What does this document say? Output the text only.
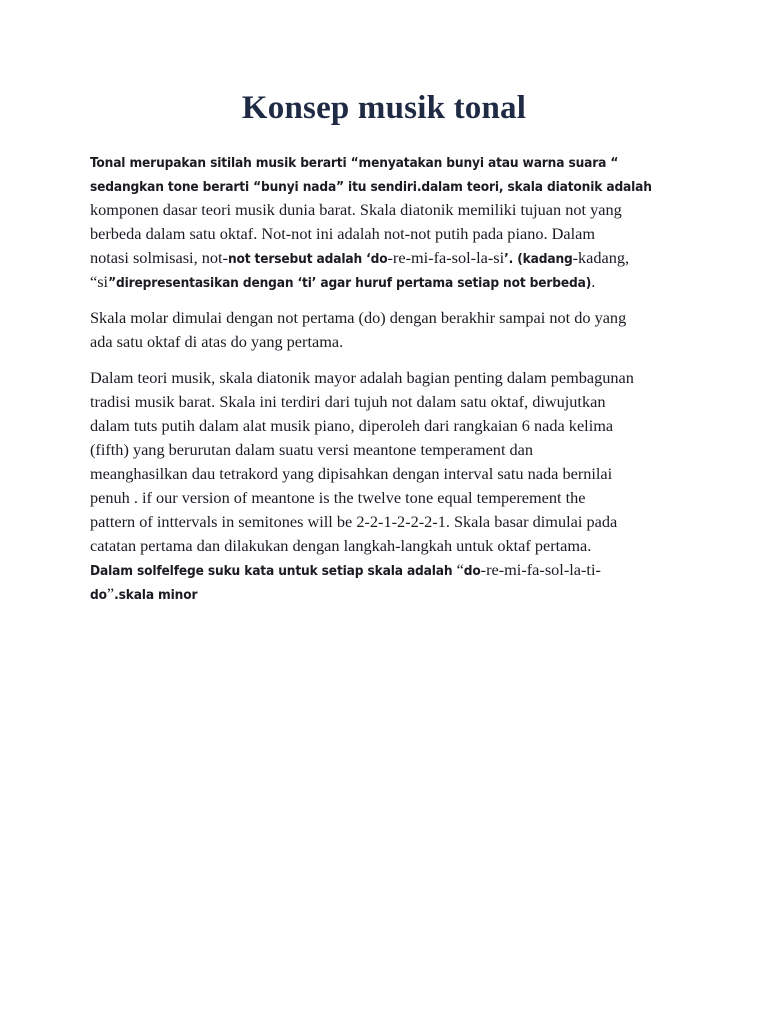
Konsep musik tonal
Tonal merupakan sitilah musik berarti “menyatakan bunyi atau warna suara “
sedangkan tone berarti “bunyi nada” itu sendiri.dalam teori, skala diatonik adalah
komponen dasar teori musik dunia barat. Skala diatonik memiliki tujuan not yang
berbeda dalam satu oktaf. Not-not ini adalah not-not putih pada piano. Dalam
notasi solmisasi, not-not tersebut adalah ‘do-re-mi-fa-sol-la-si’. (kadang-kadang,
“si”direpresentasikan dengan ‘ti’ agar huruf pertama setiap not berbeda).
Skala molar dimulai dengan not pertama (do) dengan berakhir sampai not do yang
ada satu oktaf di atas do yang pertama.
Dalam teori musik, skala diatonik mayor adalah bagian penting dalam pembagunan
tradisi musik barat. Skala ini terdiri dari tujuh not dalam satu oktaf, diwujutkan
dalam tuts putih dalam alat musik piano, diperoleh dari rangkaian 6 nada kelima
(fifth) yang berurutan dalam suatu versi meantone temperament dan
meanghasilkan dau tetrakord yang dipisahkan dengan interval satu nada bernilai
penuh . if our version of meantone is the twelve tone equal temperement the
pattern of inttervals in semitones will be 2-2-1-2-2-2-1. Skala basar dimulai pada
catatan pertama dan dilakukan dengan langkah-langkah untuk oktaf pertama.
Dalam solfelfege suku kata untuk setiap skala adalah “do-re-mi-fa-sol-la-ti-
do”.skala minor
